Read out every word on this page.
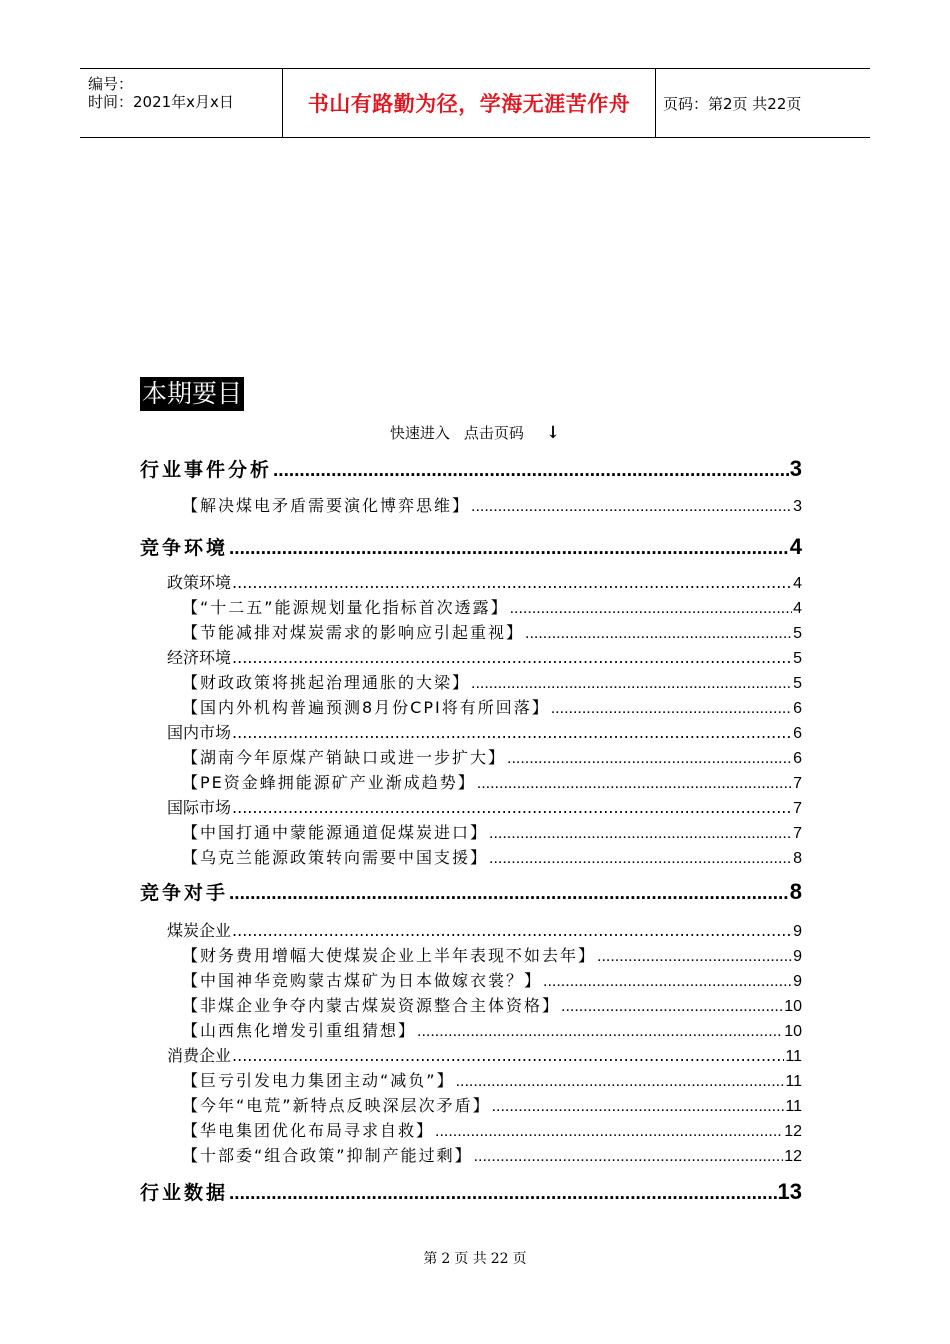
编号：
时间：2021年x月x日	书山有路勤为径，学海无涯苦作舟 页码：第2页 共22页
本期要目
快速进入 点击页码 ↓
行业事件分析 .....	3
【解决煤电矛盾需要演化博弈思维】 .....	3
竞争环境 .....	4
政策环境 .....	4
【“十二五”能源规划量化指标首次透露】 .....	4
【节能减排对煤炭需求的影响应引起重视】 .....	5
经济环境 .....	5
【财政政策将挑起治理通胀的大梁】 .....	5
【国内外机构普遍预测8月份CPI将有所回落】 .....	6
国内市场 .....	6
【湖南今年原煤产销缺口或进一步扩大】 .....	6
【PE资金蜂拥能源矿产业渐成趋势】 .....	7
国际市场 .....	7
【中国打通中蒙能源通道促煤炭进口】 .....	7
【乌克兰能源政策转向需要中国支援】 .....	8
竞争对手 .....	8
煤炭企业 .....	9
【财务费用增幅大使煤炭企业上半年表现不如去年】 .....	9
【中国神华竞购蒙古煤矿为日本做嫁衣裳？】 .....	9
【非煤企业争夺内蒙古煤炭资源整合主体资格】 .....	10
【山西焦化增发引重组猜想】 .....	10
消费企业 .....	11
【巨亏引发电力集团主动“减负”】 .....	11
【今年“电荒”新特点反映深层次矛盾】 .....	11
【华电集团优化布局寻求自救】 .....	12
【十部委“组合政策”抑制产能过剩】 .....	12
行业数据 .....	13
第 2 页 共 22 页
